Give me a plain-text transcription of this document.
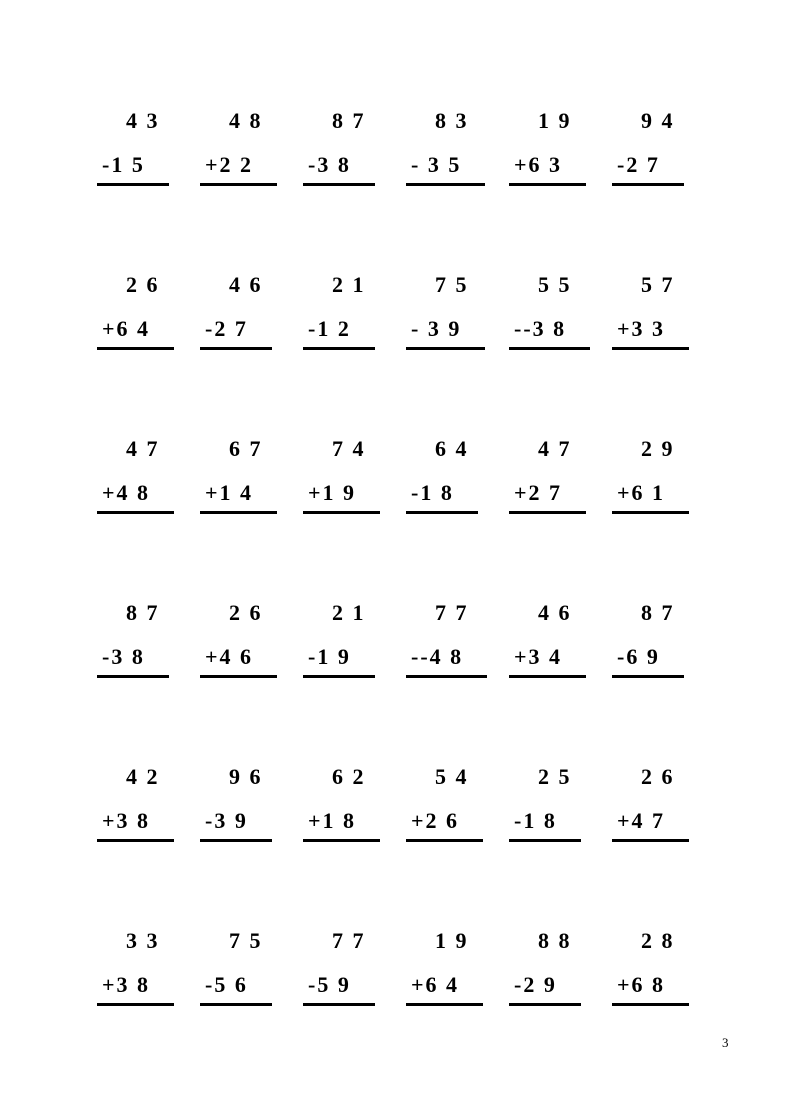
4 3
-1 5
4 8
+2 2
8 7
-3 8
8 3
- 3 5
1 9
+6 3
9 4
-2 7
2 6
+6 4
4 6
-2 7
2 1
-1 2
7 5
- 3 9
5 5
--3 8
5 7
+3 3
4 7
+4 8
6 7
+1 4
7 4
+1 9
6 4
-1 8
4 7
+2 7
2 9
+6 1
8 7
-3 8
2 6
+4 6
2 1
-1 9
7 7
--4 8
4 6
+3 4
8 7
-6 9
4 2
+3 8
9 6
-3 9
6 2
+1 8
5 4
+2 6
2 5
-1 8
2 6
+4 7
3 3
+3 8
7 5
-5 6
7 7
-5 9
1 9
+6 4
8 8
-2 9
2 8
+6 8
3
